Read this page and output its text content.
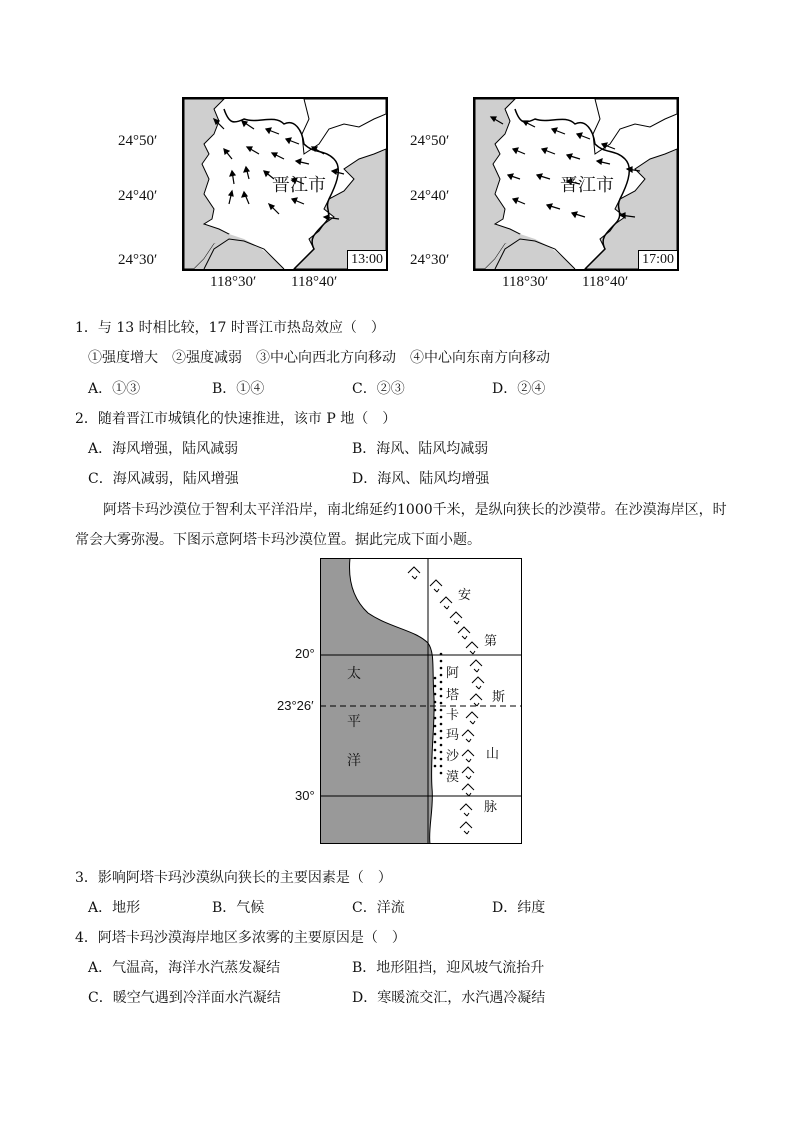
24°50′
24°40′
24°30′
24°50′
24°40′
24°30′
晋江市
13:00
晋江市
17:00
118°30′ 118°40′	118°30′ 118°40′
1．与 13 时相比较，17 时晋江市热岛效应（　）
①强度增大　②强度减弱　③中心向西北方向移动　④中心向东南方向移动
A．①③	B．①④	C．②③	D．②④
2．随着晋江市城镇化的快速推进，该市 P 地（　）
A．海风增强，陆风减弱	B．海风、陆风均减弱
C．海风减弱，陆风增强	D．海风、陆风均增强

阿塔卡玛沙漠位于智利太平洋沿岸，南北绵延约1000千米，是纵向狭长的沙漠带。在沙漠海岸区，时常会大雾弥漫。下图示意阿塔卡玛沙漠位置。据此完成下面小题。

20°
23°26′
30°
太
平
洋
阿
塔
卡
玛
沙
漠
安
第
斯
山
脉
3．影响阿塔卡玛沙漠纵向狭长的主要因素是（　）
A．地形	B．气候	C．洋流	D．纬度
4．阿塔卡玛沙漠海岸地区多浓雾的主要原因是（　）
A．气温高，海洋水汽蒸发凝结	B．地形阻挡，迎风坡气流抬升
C．暖空气遇到冷洋面水汽凝结	D．寒暖流交汇，水汽遇冷凝结
